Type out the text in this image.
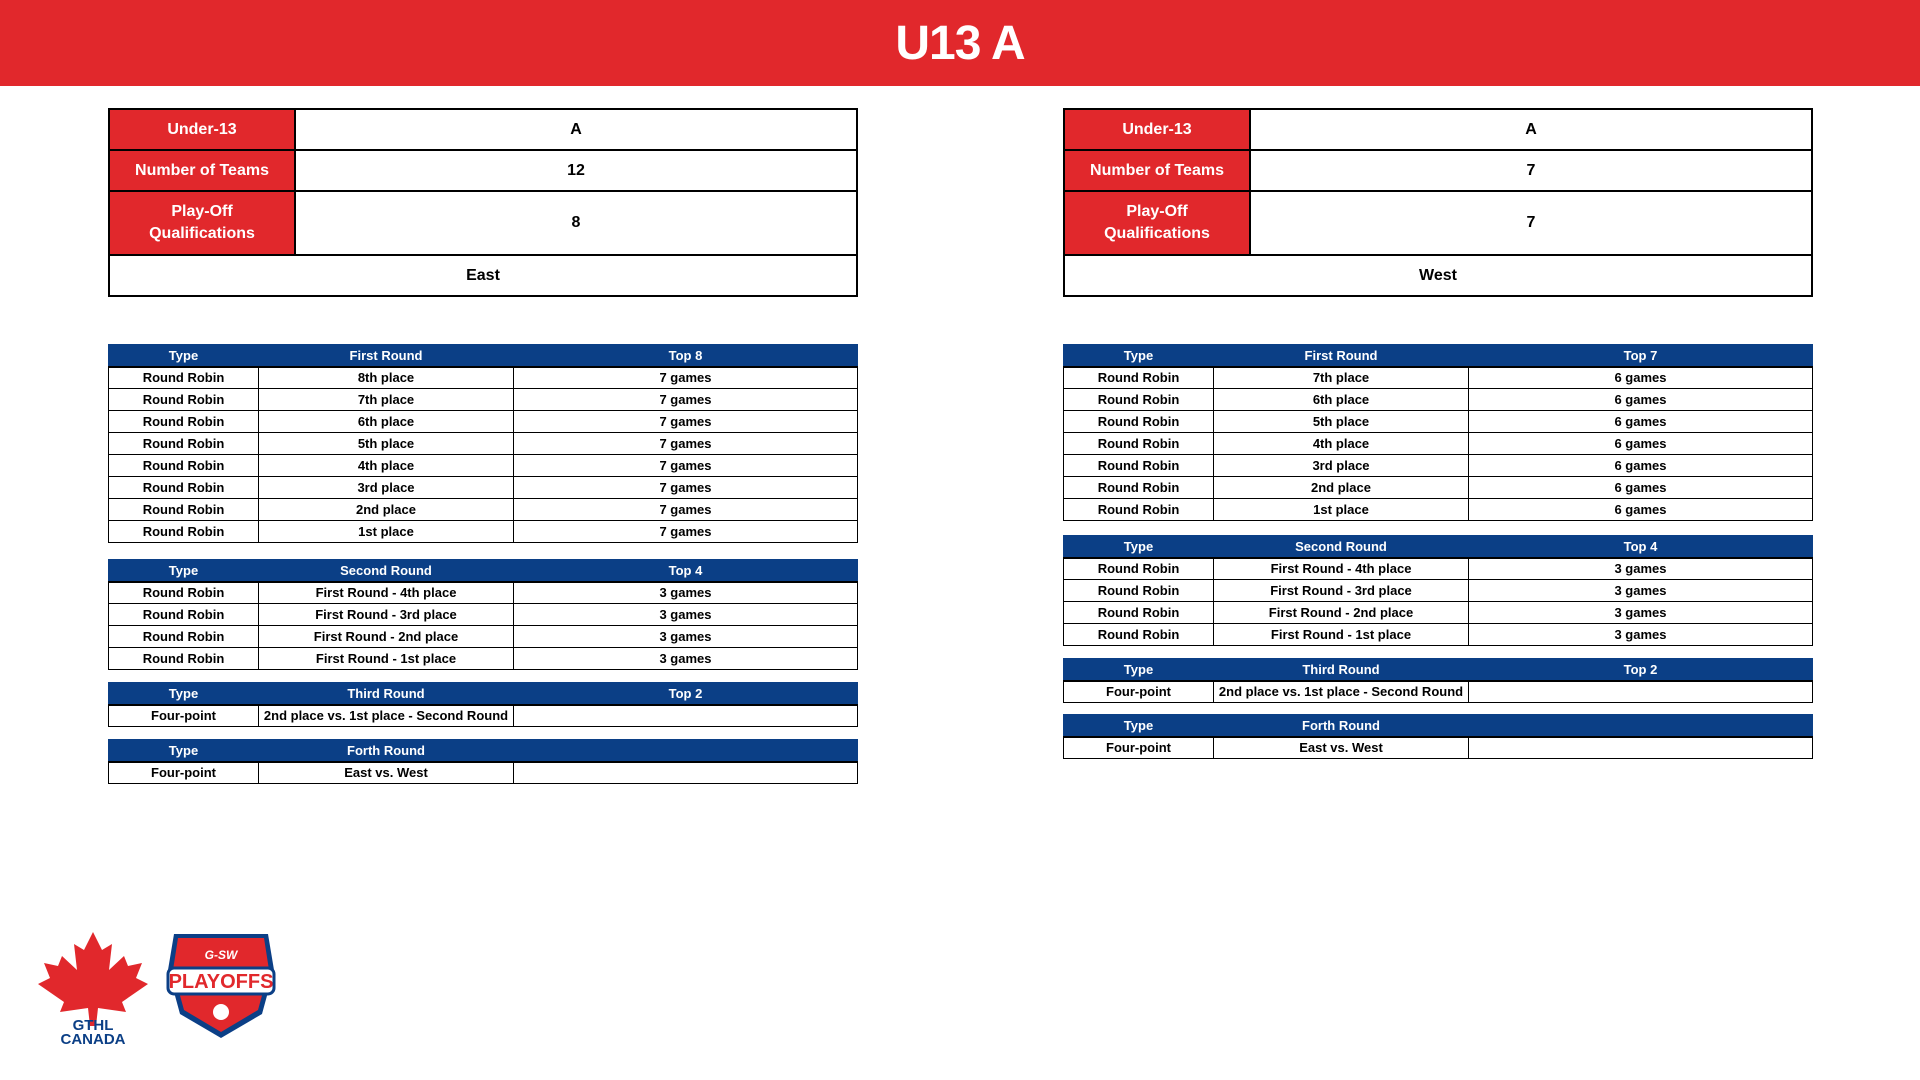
U13 A
Under-13	A
Number of Teams	12
Play-Off
Qualifications	8
East	
Type	First Round	Top 8
Round Robin	8th place	7 games
Round Robin	7th place	7 games
Round Robin	6th place	7 games
Round Robin	5th place	7 games
Round Robin	4th place	7 games
Round Robin	3rd place	7 games
Round Robin	2nd place	7 games
Round Robin	1st place	7 games
Type	Second Round	Top 4
Round Robin	First Round - 4th place	3 games
Round Robin	First Round - 3rd place	3 games
Round Robin	First Round - 2nd place	3 games
Round Robin	First Round - 1st place	3 games
Type	Third Round	Top 2
Four-point	2nd place vs. 1st place - Second Round	
Type	Forth Round	
Four-point	East vs. West	
Under-13	A
Number of Teams	7
Play-Off
Qualifications	7
West	
Type	First Round	Top 7
Round Robin	7th place	6 games
Round Robin	6th place	6 games
Round Robin	5th place	6 games
Round Robin	4th place	6 games
Round Robin	3rd place	6 games
Round Robin	2nd place	6 games
Round Robin	1st place	6 games
Type	Second Round	Top 4
Round Robin	First Round - 4th place	3 games
Round Robin	First Round - 3rd place	3 games
Round Robin	First Round - 2nd place	3 games
Round Robin	First Round - 1st place	3 games
Type	Third Round	Top 2
Four-point	2nd place vs. 1st place - Second Round	
Type	Forth Round	
Four-point	East vs. West	
GTHL
CANADA
PLAYOFFS
G-SW
